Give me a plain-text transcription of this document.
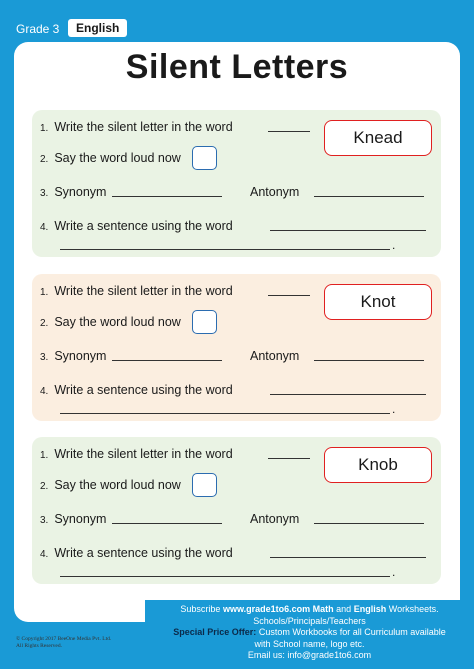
Grade 3	English
Silent Letters
1. Write the silent letter in the word
Knead
2. Say the word loud now
3. Synonym	Antonym
4. Write a sentence using the word
.
1. Write the silent letter in the word
Knot
2. Say the word loud now
3. Synonym	Antonym
4. Write a sentence using the word
.
1. Write the silent letter in the word
Knob
2. Say the word loud now
3. Synonym	Antonym
4. Write a sentence using the word
.
© Copyright 2017 BeeOne Media Pvt. Ltd.
All Rights Reserved.
Subscribe www.grade1to6.com Math and English Worksheets.
Schools/Principals/Teachers
Special Price Offer: Custom Workbooks for all Curriculum available
with School name, logo etc.
Email us: info@grade1to6.com
